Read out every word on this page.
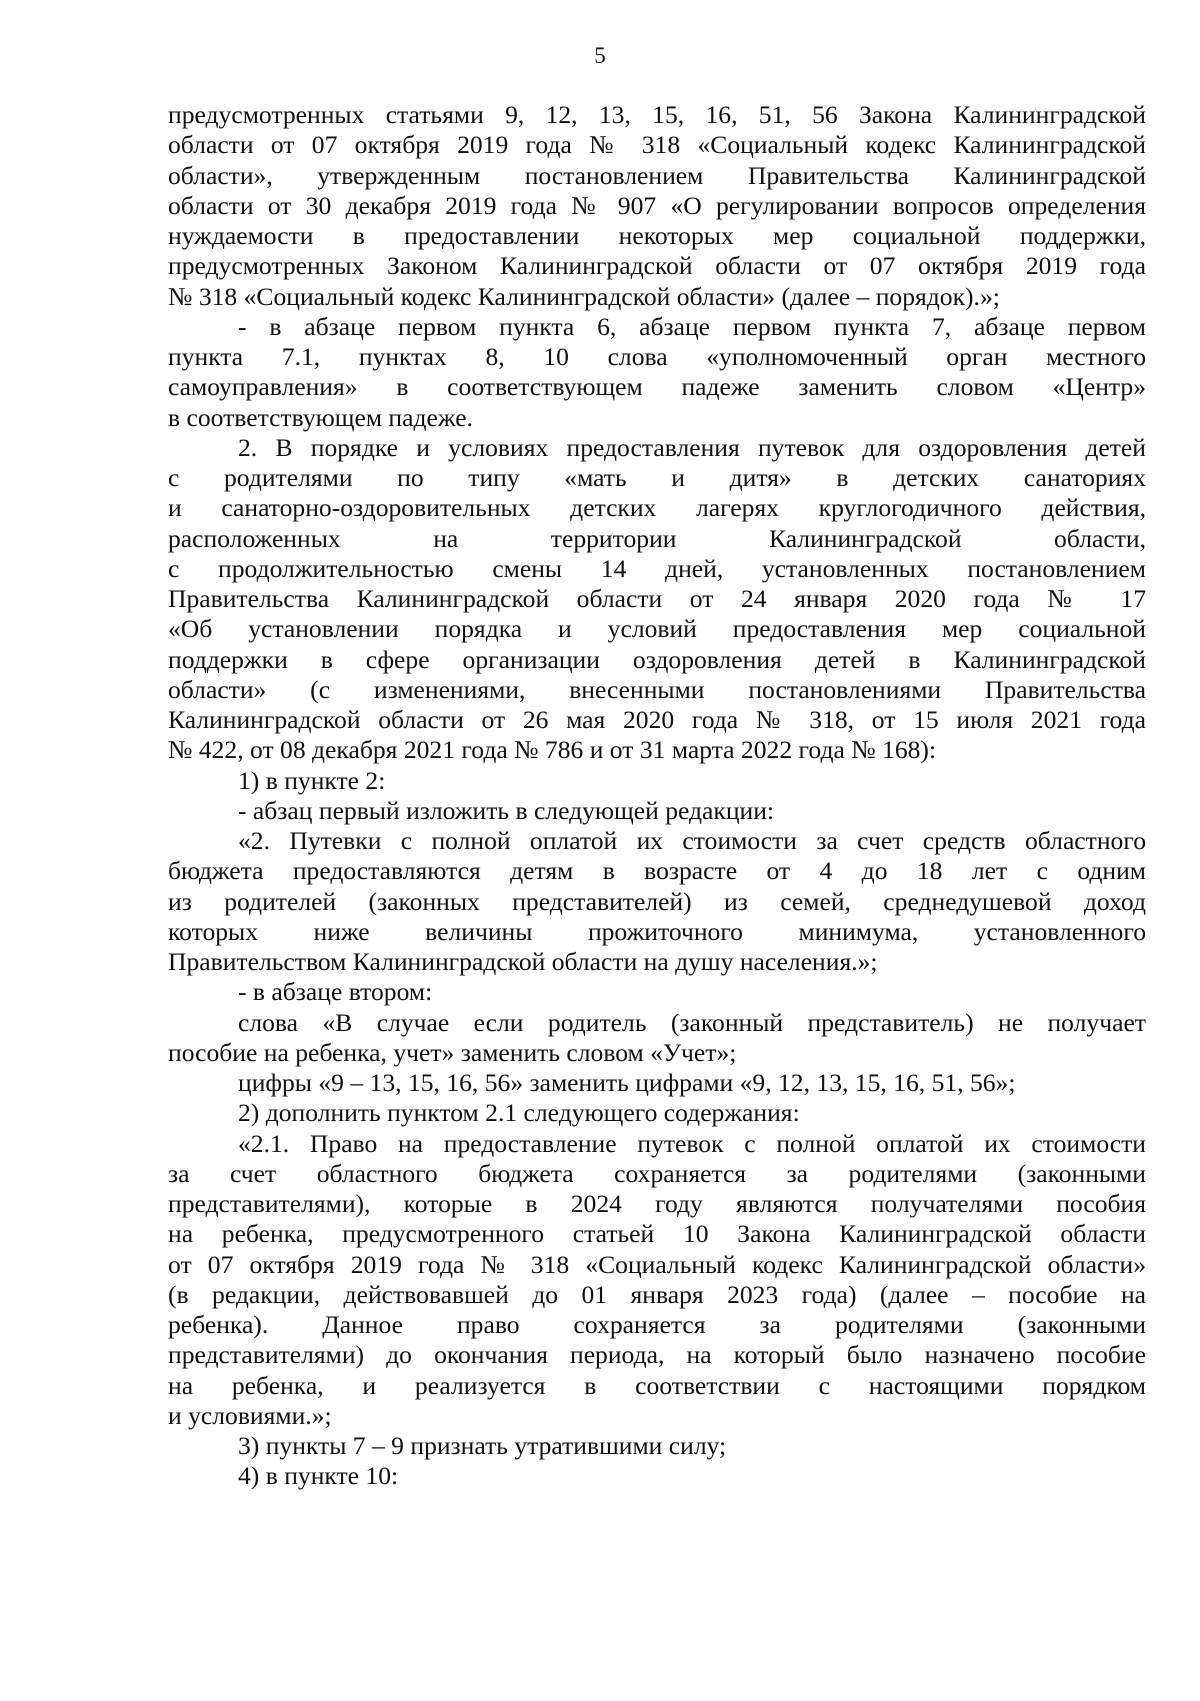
5
предусмотренных статьями 9, 12, 13, 15, 16, 51, 56 Закона Калининградской
области от 07 октября 2019 года № 318 «Социальный кодекс Калининградской
области», утвержденным постановлением Правительства Калининградской
области от 30 декабря 2019 года № 907 «О регулировании вопросов определения
нуждаемости в предоставлении некоторых мер социальной поддержки,
предусмотренных Законом Калининградской области от 07 октября 2019 года
№ 318 «Социальный кодекс Калининградской области» (далее – порядок).»;
- в абзаце первом пункта 6, абзаце первом пункта 7, абзаце первом
пункта 7.1, пунктах 8, 10 слова «уполномоченный орган местного
самоуправления» в соответствующем падеже заменить словом «Центр»
в соответствующем падеже.
2. В порядке и условиях предоставления путевок для оздоровления детей
с родителями по типу «мать и дитя» в детских санаториях
и санаторно-оздоровительных детских лагерях круглогодичного действия,
расположенных на территории Калининградской области,
с продолжительностью смены 14 дней, установленных постановлением
Правительства Калининградской области от 24 января 2020 года № 17
«Об установлении порядка и условий предоставления мер социальной
поддержки в сфере организации оздоровления детей в Калининградской
области» (с изменениями, внесенными постановлениями Правительства
Калининградской области от 26 мая 2020 года № 318, от 15 июля 2021 года
№ 422, от 08 декабря 2021 года № 786 и от 31 марта 2022 года № 168):
1) в пункте 2:
- абзац первый изложить в следующей редакции:
«2. Путевки с полной оплатой их стоимости за счет средств областного
бюджета предоставляются детям в возрасте от 4 до 18 лет с одним
из родителей (законных представителей) из семей, среднедушевой доход
которых ниже величины прожиточного минимума, установленного
Правительством Калининградской области на душу населения.»;
- в абзаце втором:
слова «В случае если родитель (законный представитель) не получает
пособие на ребенка, учет» заменить словом «Учет»;
цифры «9 – 13, 15, 16, 56» заменить цифрами «9, 12, 13, 15, 16, 51, 56»;
2) дополнить пунктом 2.1 следующего содержания:
«2.1. Право на предоставление путевок с полной оплатой их стоимости
за счет областного бюджета сохраняется за родителями (законными
представителями), которые в 2024 году являются получателями пособия
на ребенка, предусмотренного статьей 10 Закона Калининградской области
от 07 октября 2019 года № 318 «Социальный кодекс Калининградской области»
(в редакции, действовавшей до 01 января 2023 года) (далее – пособие на
ребенка). Данное право сохраняется за родителями (законными
представителями) до окончания периода, на который было назначено пособие
на ребенка, и реализуется в соответствии с настоящими порядком
и условиями.»;
3) пункты 7 – 9 признать утратившими силу;
4) в пункте 10:
